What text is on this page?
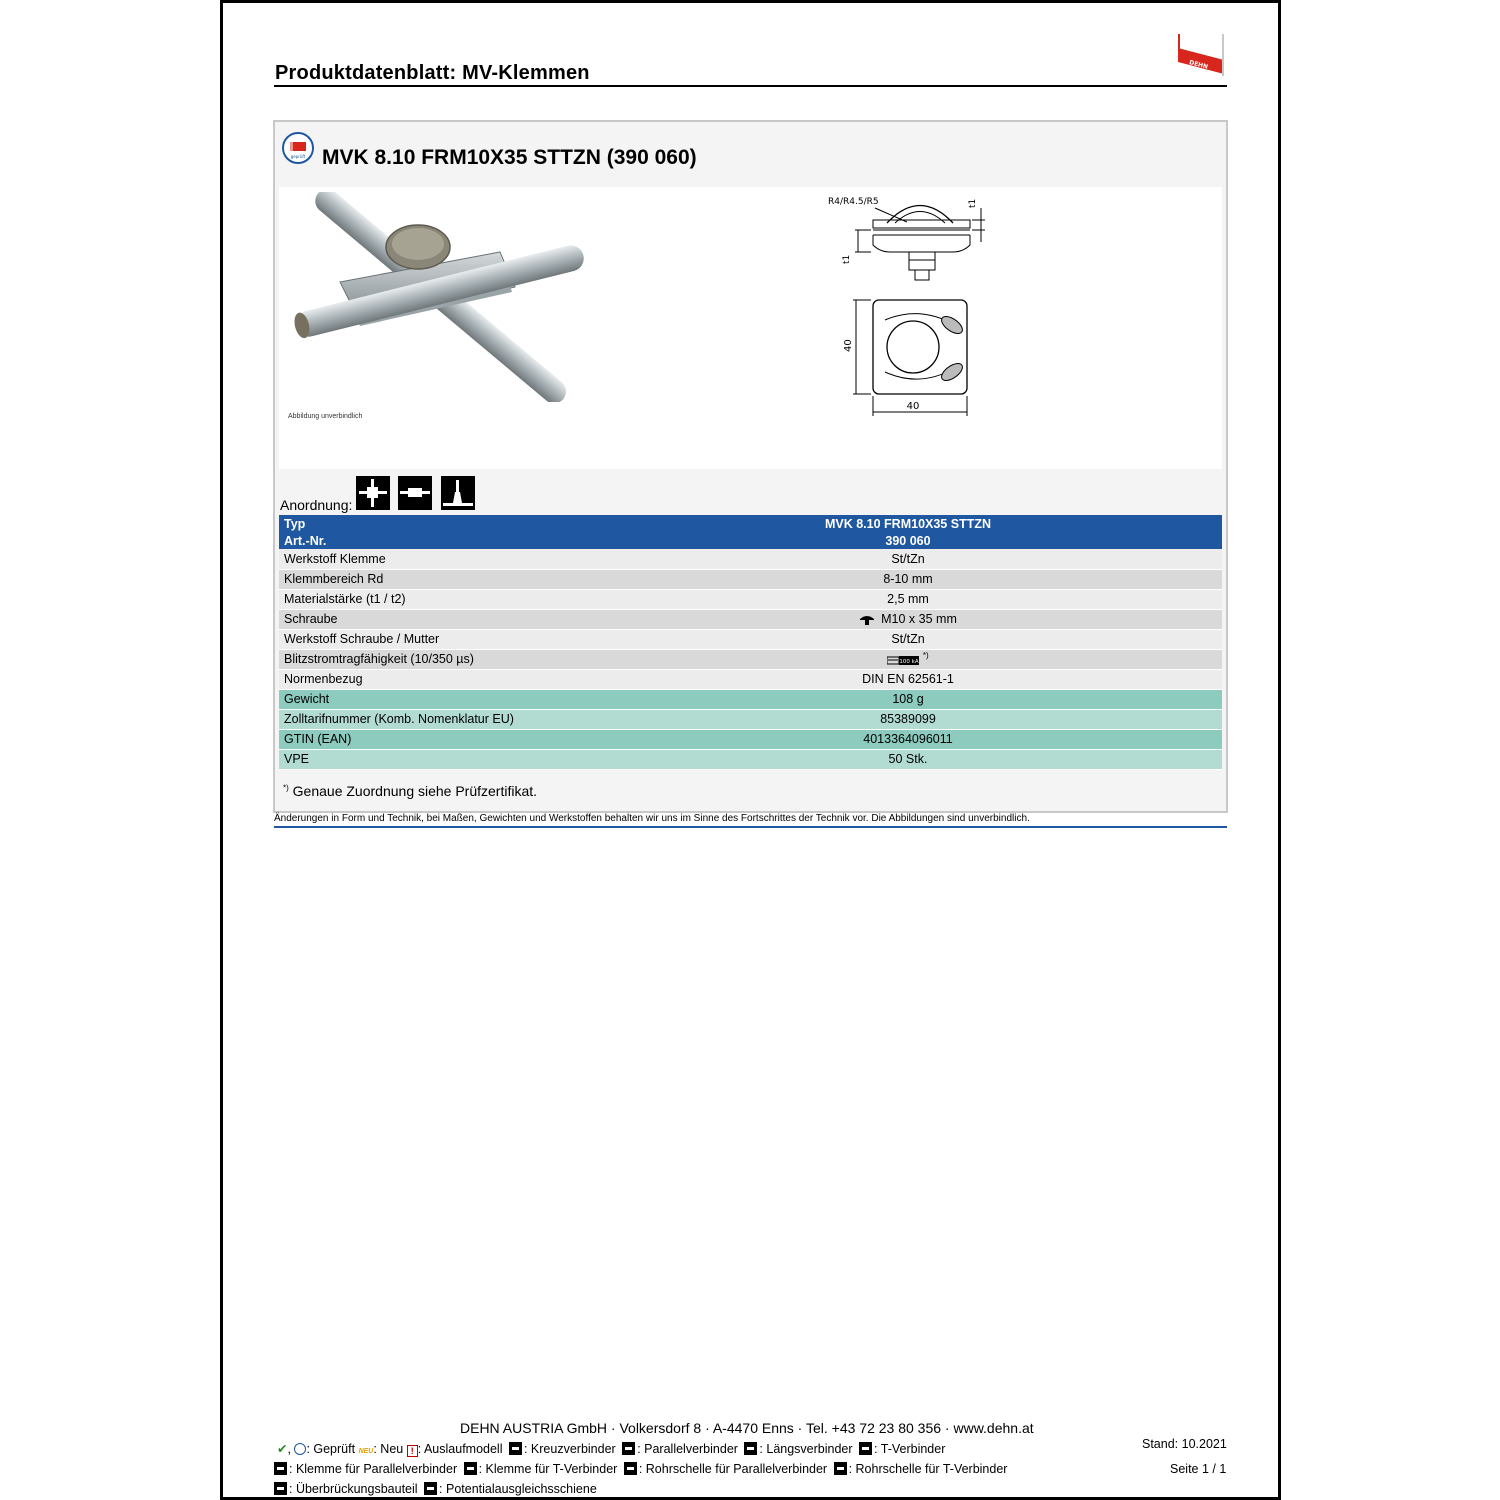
Produktdatenblatt: MV-Klemmen	DEHN
geprüft MVK 8.10 FRM10X35 STTZN (390 060)
Abbildung unverbindlich
R4/R4.5/R5	t1
t1
40
40
Anordnung:
Typ	MVK 8.10 FRM10X35 STTZN
Art.-Nr.	390 060
Werkstoff Klemme	St/tZn
Klemmbereich Rd	8-10 mm
Materialstärke (t1 / t2)	2,5 mm
Schraube	M10 x 35 mm
Werkstoff Schraube / Mutter	St/tZn
Blitzstromtragfähigkeit (10/350 µs)	100 kA
*)
Normenbezug	DIN EN 62561-1
Gewicht	108 g
Zolltarifnummer (Komb. Nomenklatur EU)	85389099
GTIN (EAN)	4013364096011
VPE	50 Stk.
*) Genaue Zuordnung siehe Prüfzertifikat.
Änderungen in Form und Technik, bei Maßen, Gewichten und Werkstoffen behalten wir uns im Sinne des Fortschrittes der Technik vor. Die Abbildungen sind unverbindlich.
DEHN AUSTRIA GmbH · Volkersdorf 8 · A-4470 Enns · Tel. +43 72 23 80 356 · www.dehn.at
✔, : Geprüft NEU: Neu ! : Auslaufmodell : Kreuzverbinder : Parallelverbinder : Längsverbinder : T-Verbinder
: Klemme für Parallelverbinder : Klemme für T-Verbinder : Rohrschelle für Parallelverbinder : Rohrschelle für T-Verbinder
: Überbrückungsbauteil : Potentialausgleichsschiene
Stand: 10.2021
Seite 1 / 1
